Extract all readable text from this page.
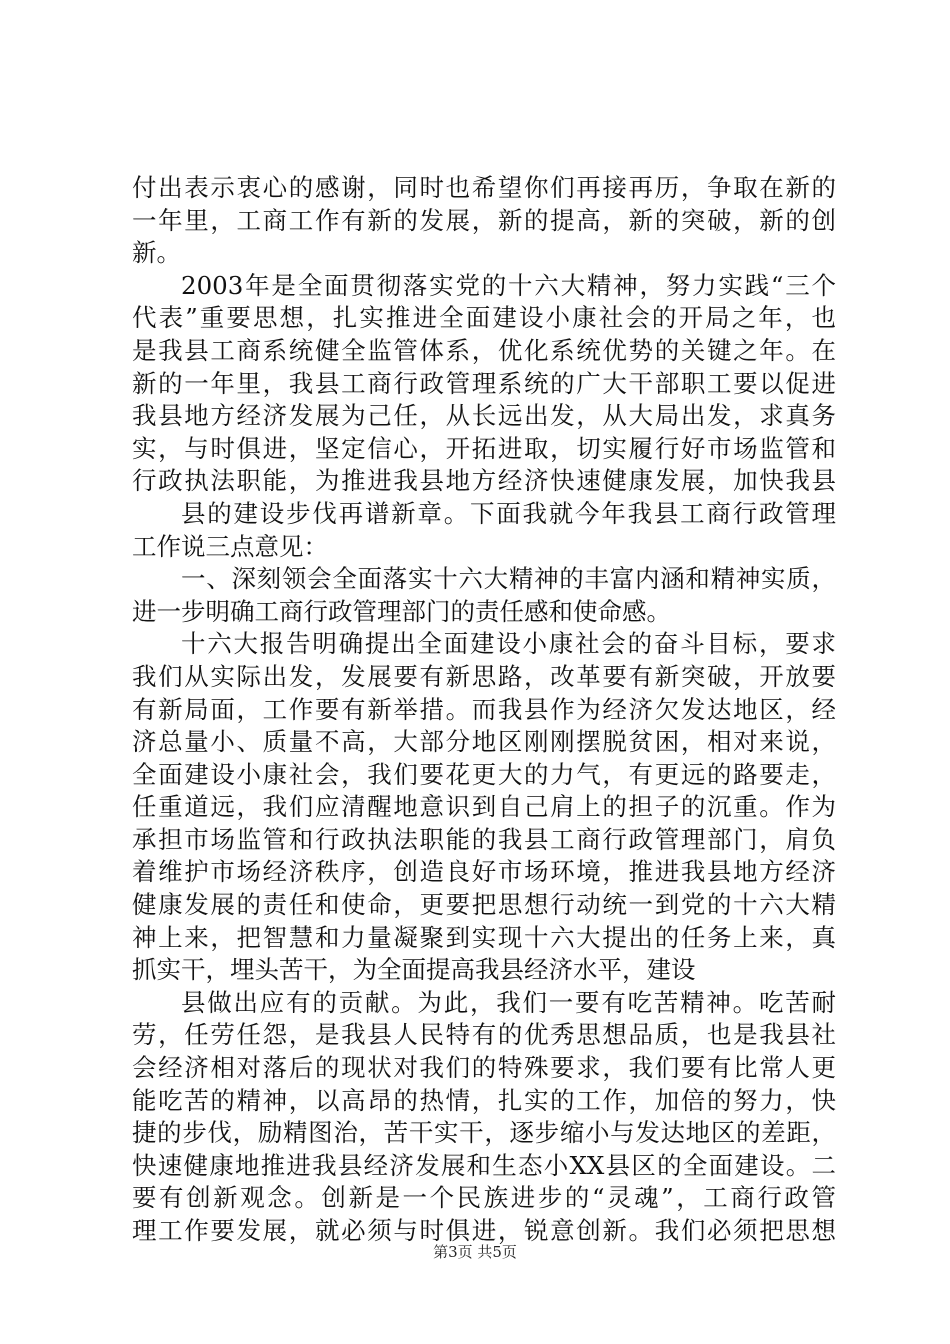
付出表示衷心的感谢，同时也希望你们再接再历，争取在新的
一年里，工商工作有新的发展，新的提高，新的突破，新的创
新。
2003年是全面贯彻落实党的十六大精神，努力实践“三个
代表”重要思想，扎实推进全面建设小康社会的开局之年，也
是我县工商系统健全监管体系，优化系统优势的关键之年。在
新的一年里，我县工商行政管理系统的广大干部职工要以促进
我县地方经济发展为己任，从长远出发，从大局出发，求真务
实，与时俱进，坚定信心，开拓进取，切实履行好市场监管和
行政执法职能，为推进我县地方经济快速健康发展，加快我县
县的建设步伐再谱新章。下面我就今年我县工商行政管理
工作说三点意见：
一、深刻领会全面落实十六大精神的丰富内涵和精神实质，
进一步明确工商行政管理部门的责任感和使命感。
十六大报告明确提出全面建设小康社会的奋斗目标，要求
我们从实际出发，发展要有新思路，改革要有新突破，开放要
有新局面，工作要有新举措。而我县作为经济欠发达地区，经
济总量小、质量不高，大部分地区刚刚摆脱贫困，相对来说，
全面建设小康社会，我们要花更大的力气，有更远的路要走，
任重道远，我们应清醒地意识到自己肩上的担子的沉重。作为
承担市场监管和行政执法职能的我县工商行政管理部门，肩负
着维护市场经济秩序，创造良好市场环境，推进我县地方经济
健康发展的责任和使命，更要把思想行动统一到党的十六大精
神上来，把智慧和力量凝聚到实现十六大提出的任务上来，真
抓实干，埋头苦干，为全面提高我县经济水平，建设
县做出应有的贡献。为此，我们一要有吃苦精神。吃苦耐
劳，任劳任怨，是我县人民特有的优秀思想品质，也是我县社
会经济相对落后的现状对我们的特殊要求，我们要有比常人更
能吃苦的精神，以高昂的热情，扎实的工作，加倍的努力，快
捷的步伐，励精图治，苦干实干，逐步缩小与发达地区的差距，
快速健康地推进我县经济发展和生态小XX县区的全面建设。二
要有创新观念。创新是一个民族进步的“灵魂”，工商行政管
理工作要发展，就必须与时俱进，锐意创新。我们必须把思想
第3页 共5页
